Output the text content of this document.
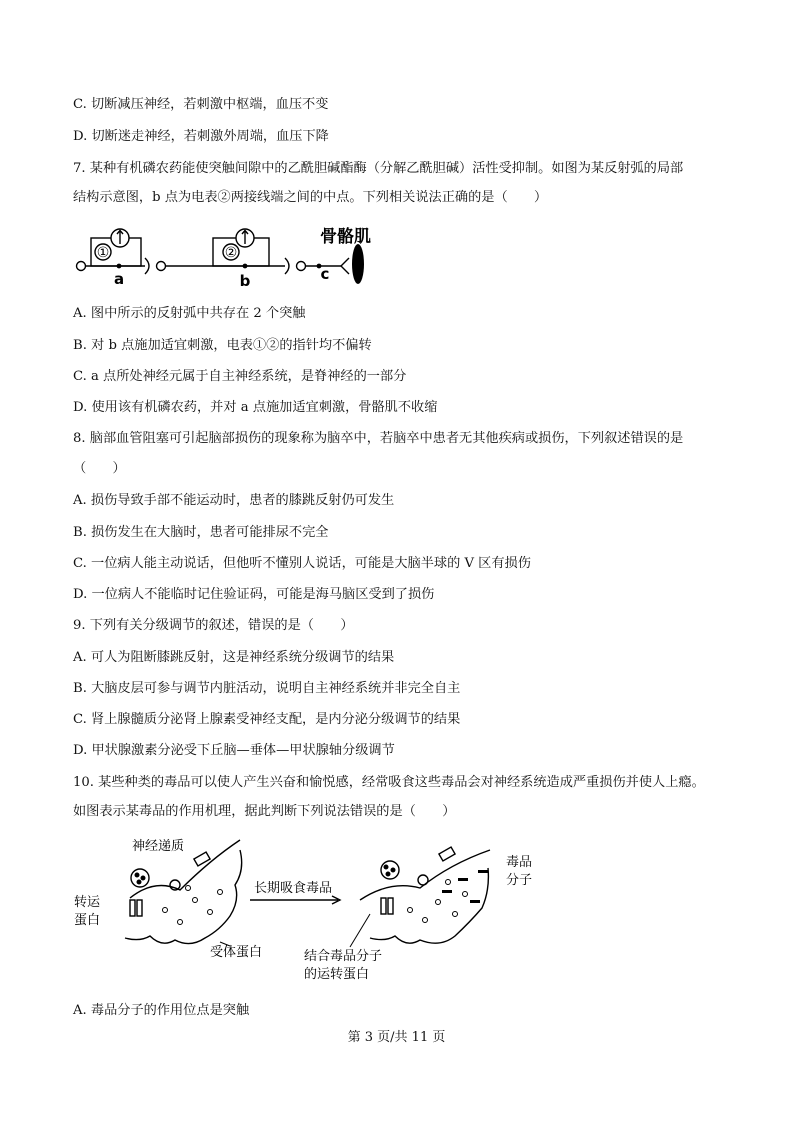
C. 切断减压神经，若刺激中枢端，血压不变
D. 切断迷走神经，若刺激外周端，血压下降
7. 某种有机磷农药能使突触间隙中的乙酰胆碱酯酶（分解乙酰胆碱）活性受抑制。如图为某反射弧的局部
结构示意图，b 点为电表②两接线端之间的中点。下列相关说法正确的是（　　）
①	②
a	b	c
骨骼肌
A. 图中所示的反射弧中共存在 2 个突触
B. 对 b 点施加适宜刺激，电表①②的指针均不偏转
C. a 点所处神经元属于自主神经系统，是脊神经的一部分
D. 使用该有机磷农药，并对 a 点施加适宜刺激，骨骼肌不收缩
8. 脑部血管阻塞可引起脑部损伤的现象称为脑卒中，若脑卒中患者无其他疾病或损伤，下列叙述错误的是
（　　）
A. 损伤导致手部不能运动时，患者的膝跳反射仍可发生
B. 损伤发生在大脑时，患者可能排尿不完全
C. 一位病人能主动说话，但他听不懂别人说话，可能是大脑半球的 V 区有损伤
D. 一位病人不能临时记住验证码，可能是海马脑区受到了损伤
9. 下列有关分级调节的叙述，错误的是（　　）
A. 可人为阻断膝跳反射，这是神经系统分级调节的结果
B. 大脑皮层可参与调节内脏活动，说明自主神经系统并非完全自主
C. 肾上腺髓质分泌肾上腺素受神经支配，是内分泌分级调节的结果
D. 甲状腺激素分泌受下丘脑—垂体—甲状腺轴分级调节
10. 某些种类的毒品可以使人产生兴奋和愉悦感，经常吸食这些毒品会对神经系统造成严重损伤并使人上瘾。
如图表示某毒品的作用机理，据此判断下列说法错误的是（　　）
神经递质
转运
蛋白
长期吸食毒品
受体蛋白
毒品
分子
结合毒品分子
的运转蛋白
A. 毒品分子的作用位点是突触
第 3 页/共 11 页
